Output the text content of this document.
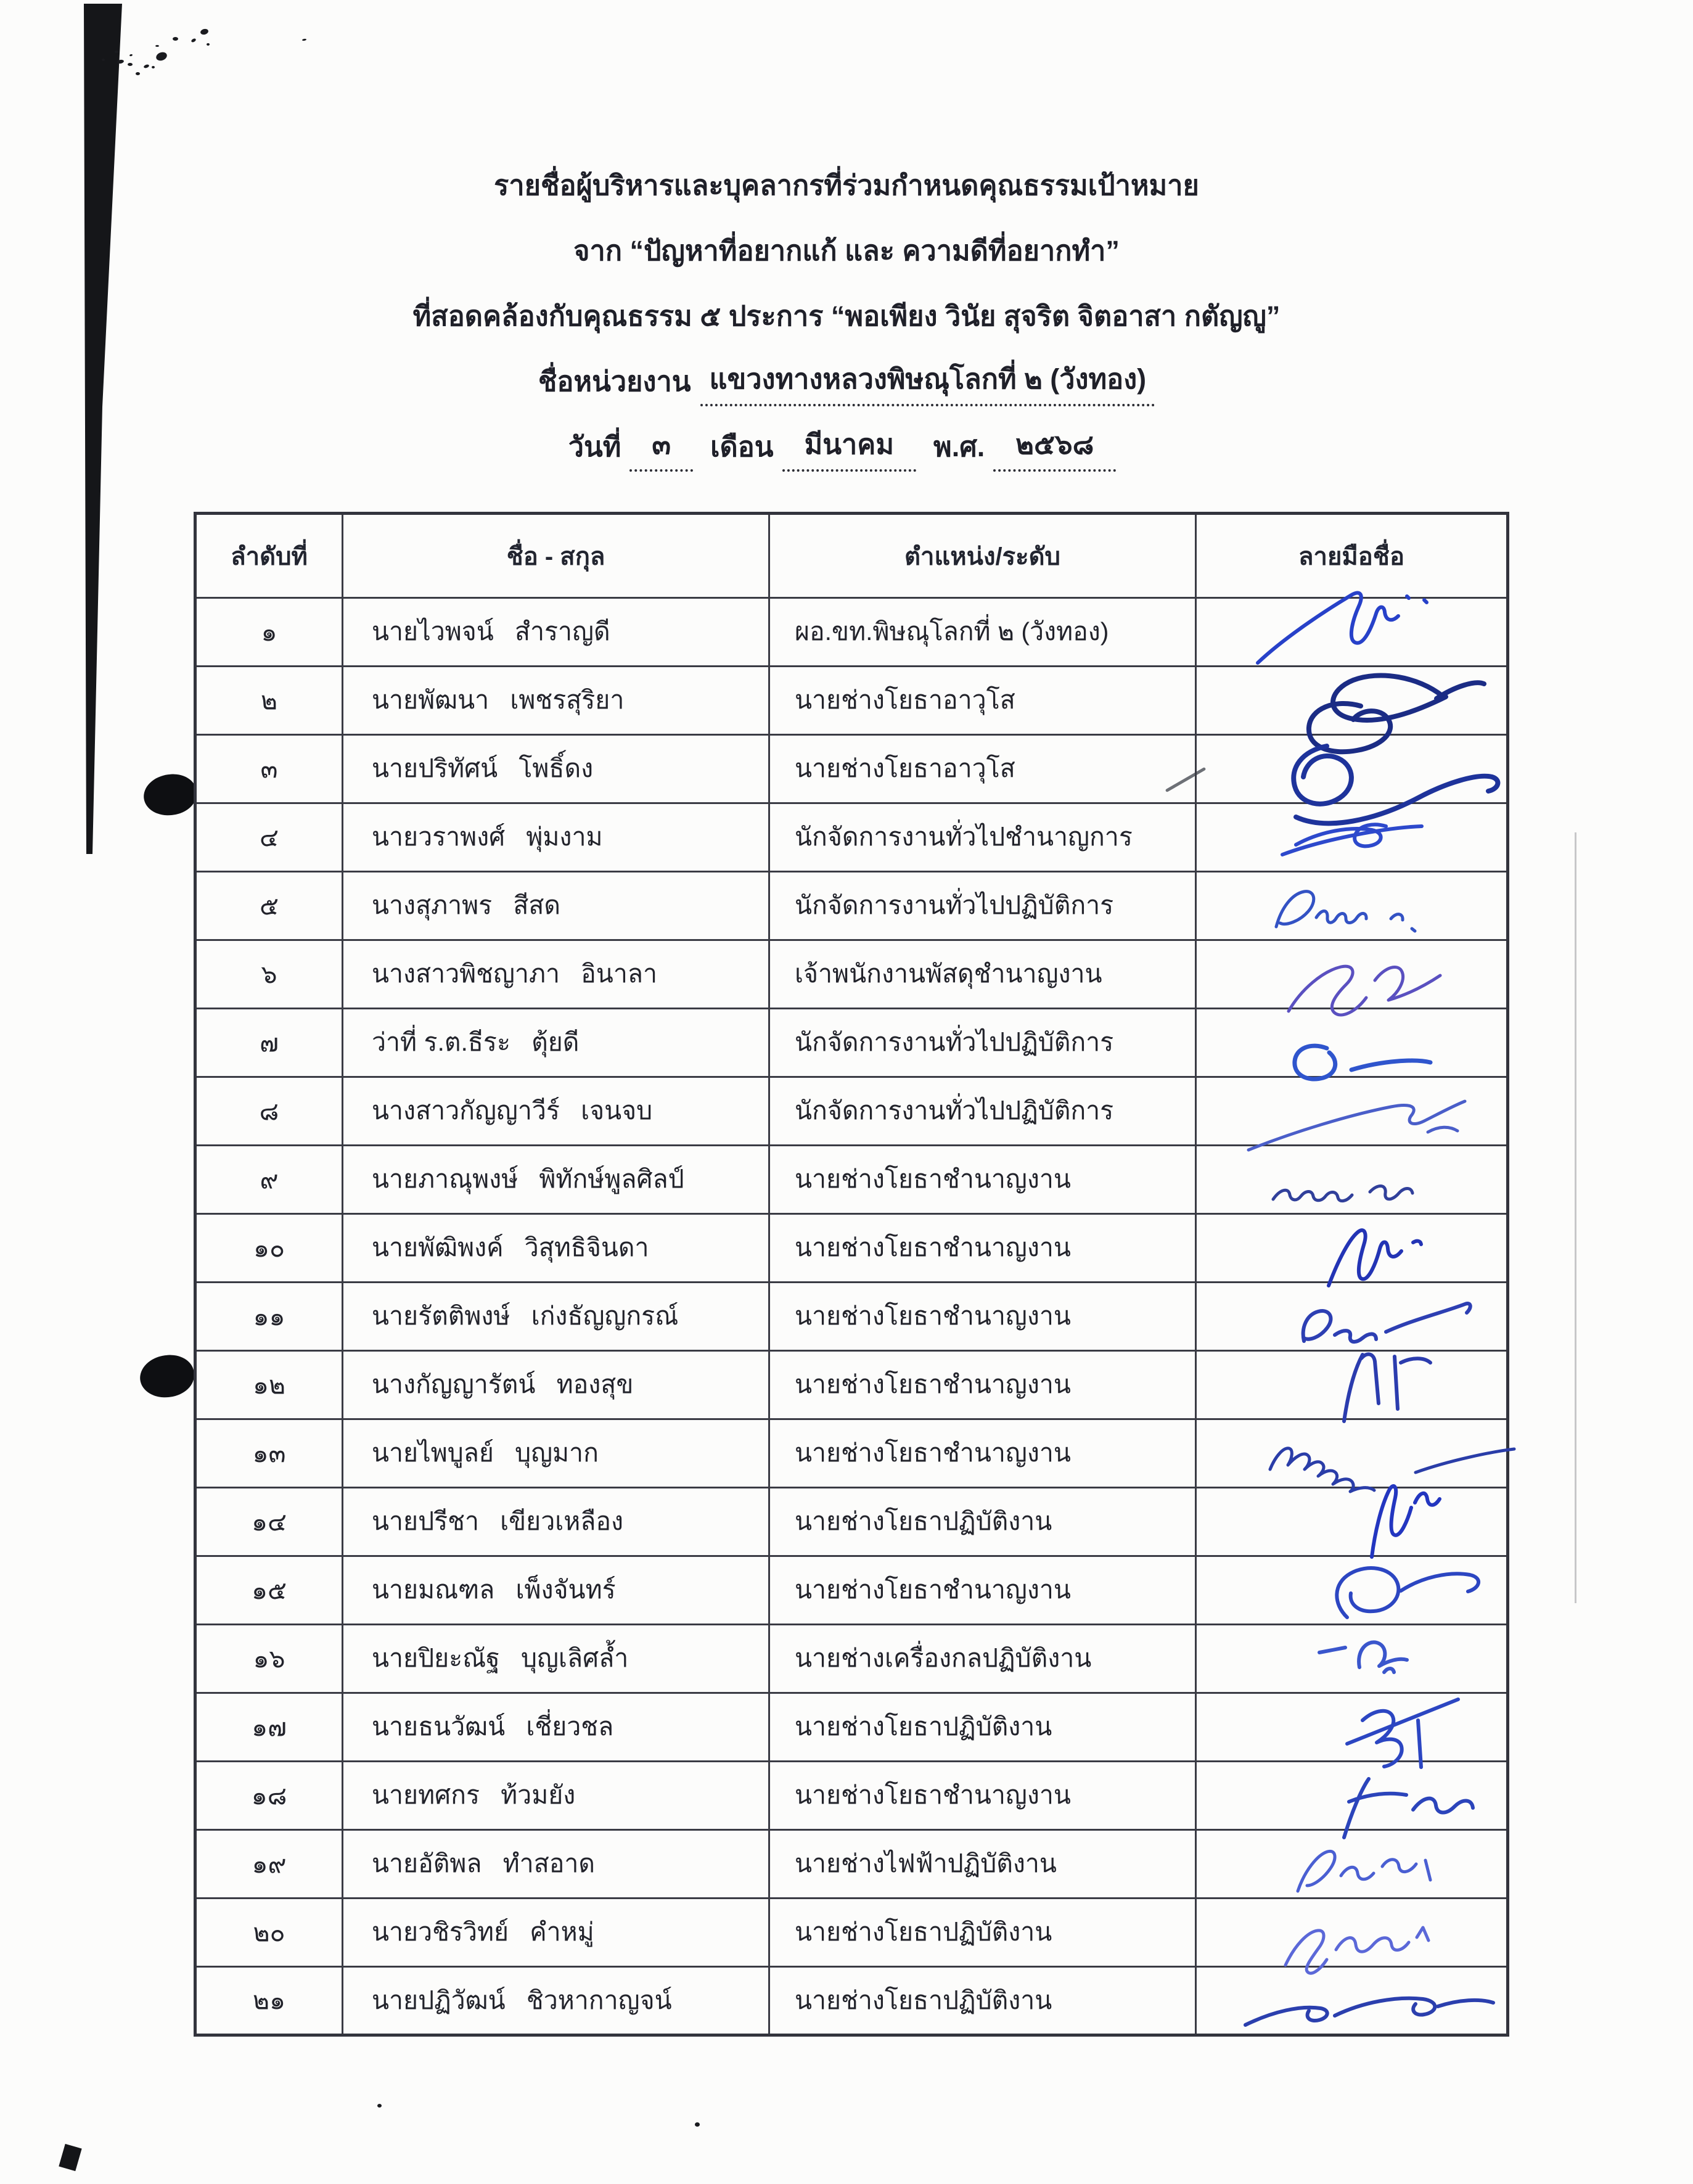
รายชื่อผู้บริหารและบุคลากรที่ร่วมกำหนดคุณธรรมเป้าหมาย
จาก “ปัญหาที่อยากแก้ และ ความดีที่อยากทำ”
ที่สอดคล้องกับคุณธรรม ๕ ประการ “พอเพียง วินัย สุจริต จิตอาสา กตัญญู”
ชื่อหน่วยงาน แขวงทางหลวงพิษณุโลกที่ ๒ (วังทอง)
วันที่	๓	เดือน	มีนาคม	พ.ศ.	๒๕๖๘
ลำดับที่	ชื่อ - สกุล	ตำแหน่ง/ระดับ	ลายมือชื่อ
๑	นายไวพจน์   สำราญดี	ผอ.ขท.พิษณุโลกที่ ๒ (วังทอง)	
๒	นายพัฒนา   เพชรสุริยา	นายช่างโยธาอาวุโส	
๓	นายปริทัศน์   โพธิ์ดง	นายช่างโยธาอาวุโส	
๔	นายวราพงศ์   พุ่มงาม	นักจัดการงานทั่วไปชำนาญการ	
๕	นางสุภาพร   สีสด	นักจัดการงานทั่วไปปฏิบัติการ	
๖	นางสาวพิชญาภา   อินาลา	เจ้าพนักงานพัสดุชำนาญงาน	
๗	ว่าที่ ร.ต.ธีระ   ตุ้ยดี	นักจัดการงานทั่วไปปฏิบัติการ	
๘	นางสาวกัญญาวีร์   เจนจบ	นักจัดการงานทั่วไปปฏิบัติการ	
๙	นายภาณุพงษ์   พิทักษ์พูลศิลป์	นายช่างโยธาชำนาญงาน	
๑๐	นายพัฒิพงค์   วิสุทธิจินดา	นายช่างโยธาชำนาญงาน	
๑๑	นายรัตติพงษ์   เก่งธัญญกรณ์	นายช่างโยธาชำนาญงาน	
๑๒	นางกัญญารัตน์   ทองสุข	นายช่างโยธาชำนาญงาน	
๑๓	นายไพบูลย์   บุญมาก	นายช่างโยธาชำนาญงาน	
๑๔	นายปรีชา   เขียวเหลือง	นายช่างโยธาปฏิบัติงาน	
๑๕	นายมณฑล   เพ็งจันทร์	นายช่างโยธาชำนาญงาน	
๑๖	นายปิยะณัฐ   บุญเลิศล้ำ	นายช่างเครื่องกลปฏิบัติงาน	
๑๗	นายธนวัฒน์   เชี่ยวชล	นายช่างโยธาปฏิบัติงาน	
๑๘	นายทศกร   ท้วมยัง	นายช่างโยธาชำนาญงาน	
๑๙	นายอัติพล   ทำสอาด	นายช่างไฟฟ้าปฏิบัติงาน	
๒๐	นายวชิรวิทย์   คำหมู่	นายช่างโยธาปฏิบัติงาน	
๒๑	นายปฏิวัฒน์   ชิวหากาญจน์	นายช่างโยธาปฏิบัติงาน	
